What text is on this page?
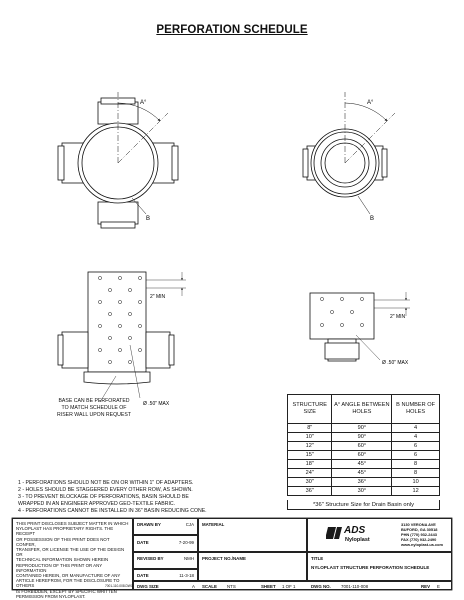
PERFORATION SCHEDULE
A°
B
A°
B
2" MIN
Ø .50" MAX
2" MIN
Ø .50" MAX
BASE CAN BE PERFORATED
TO MATCH SCHEDULE OF
RISER WALL UPON REQUEST
1 - PERFORATIONS SHOULD NOT BE ON OR WITHIN 1" OF ADAPTERS.
2 - HOLES SHOULD BE STAGGERED EVERY OTHER ROW, AS SHOWN.
3 - TO PREVENT BLOCKAGE OF PERFORATIONS, BASIN SHOULD BE
WRAPPED IN AN ENGINEER APPROVED GEO-TEXTILE FABRIC.
4 - PERFORATIONS CANNOT BE INSTALLED IN 36" BASIN REDUCING CONE.
STRUCTURE SIZE	A° ANGLE BETWEEN HOLES	B NUMBER OF HOLES
8"	90°	4
10"	90°	4
12"	60°	6
15"	60°	6
18"	45°	8
24"	45°	8
30"	36°	10
36"	30°	12
*36" Structure Size for Drain Basin only
THIS PRINT DISCLOSES SUBJECT MATTER IN WHICH
NYLOPLAST HAS PROPRIETARY RIGHTS. THE RECEIPT
OR POSSESSION OF THIS PRINT DOES NOT CONFER,
TRANSFER, OR LICENSE THE USE OF THE DESIGN OR
TECHNICAL INFORMATION SHOWN HEREIN
REPRODUCTION OF THIS PRINT OR ANY INFORMATION
CONTAINED HEREIN, OR MANUFACTURE OF ANY
ARTICLE HEREFROM, FOR THE DISCLOSURE TO OTHERS
IS FORBIDDEN, EXCEPT BY SPECIFIC WRITTEN
PERMISSION FROM NYLOPLAST.
7001-110-008.DWG
DRAWN BY	CJA
DATE	7-20-99
REVISED BY	NMH
DATE	11-3-18
MATERIAL
PROJECT NO./NAME
ADS
Nyloplast
3130 VERONA AVE
BUFORD, GA 30518
PHN (770) 932-2443
FAX (770) 932-2490
www.nyloplast-us.com
TITLE
NYLOPLAST STRUCTURE PERFORATION SCHEDULE
DWG SIZE	A SCALE NTS	SHEET 1 OF 1	DWG NO. 7001-110-008	REV E
